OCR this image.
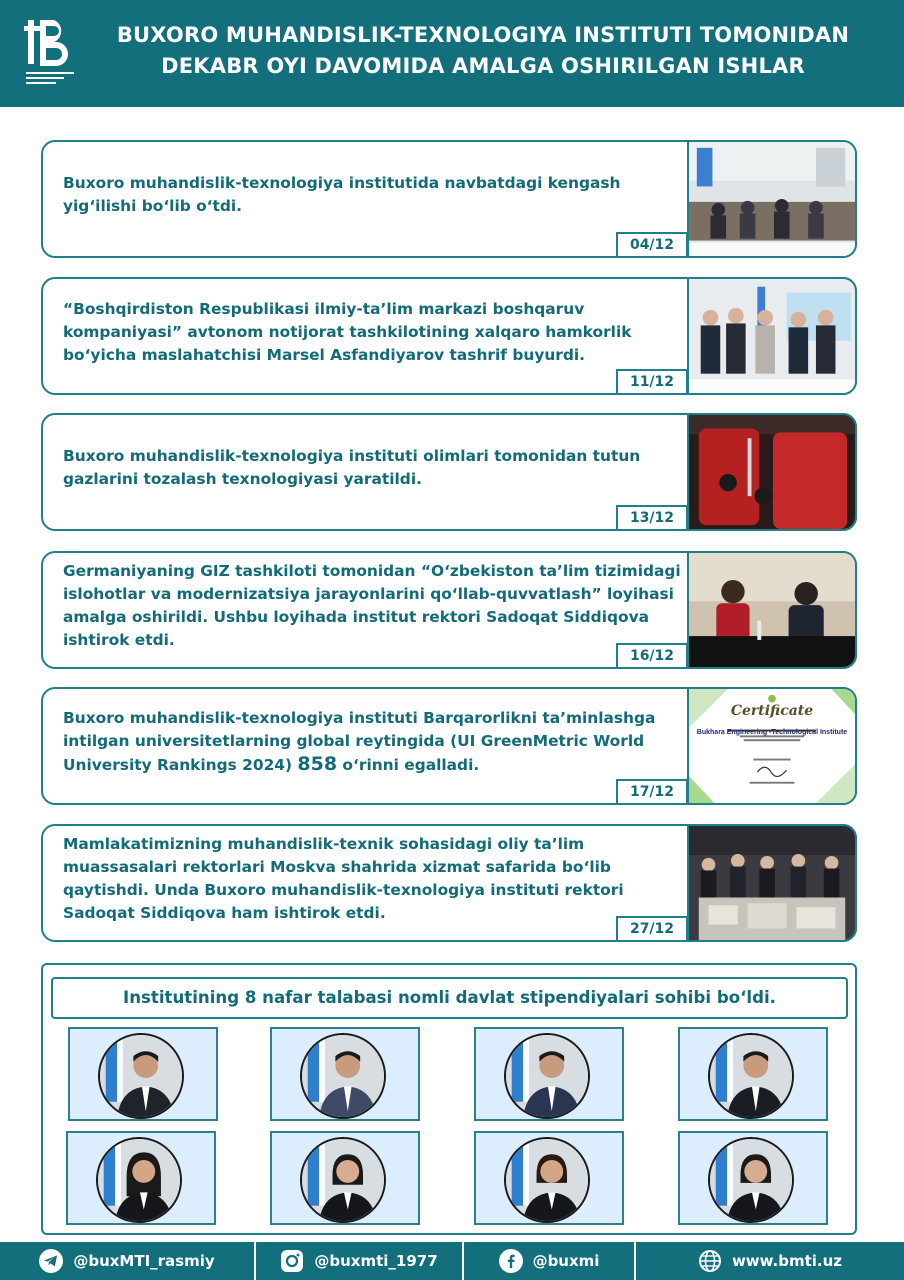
BUXORO MUHANDISLIK-TEXNOLOGIYA INSTITUTI TOMONIDAN
DEKABR OYI DAVOMIDA AMALGA OSHIRILGAN ISHLAR
Buxoro muhandislik-texnologiya institutida navbatdagi kengash yig‘ilishi bo‘lib o‘tdi.
04/12
“Boshqirdiston Respublikasi ilmiy-ta’lim markazi boshqaruv kompaniyasi” avtonom notijorat tashkilotining xalqaro hamkorlik bo‘yicha maslahatchisi Marsel Asfandiyarov tashrif buyurdi.
11/12
Buxoro muhandislik-texnologiya instituti olimlari tomonidan tutun gazlarini tozalash texnologiyasi yaratildi.
13/12
Germaniyaning GIZ tashkiloti tomonidan “O‘zbekiston ta’lim tizimidagi islohotlar va modernizatsiya jarayonlarini qo‘llab-quvvatlash” loyihasi amalga oshirildi. Ushbu loyihada institut rektori Sadoqat Siddiqova ishtirok etdi.
16/12
Buxoro muhandislik-texnologiya instituti Barqarorlikni ta’minlashga intilgan universitetlarning global reytingida (UI GreenMetric World University Rankings 2024) 858 o‘rinni egalladi.
17/12
Certificate
Bukhara Engineering -Technological Institute
Mamlakatimizning muhandislik-texnik sohasidagi oliy ta’lim muassasalari rektorlari Moskva shahrida xizmat safarida bo‘lib qaytishdi. Unda Buxoro muhandislik-texnologiya instituti rektori Sadoqat Siddiqova ham ishtirok etdi.
27/12
Institutining 8 nafar talabasi nomli davlat stipendiyalari sohibi bo‘ldi.
@buxMTI_rasmiy	@buxmti_1977	@buxmi	www.bmti.uz
